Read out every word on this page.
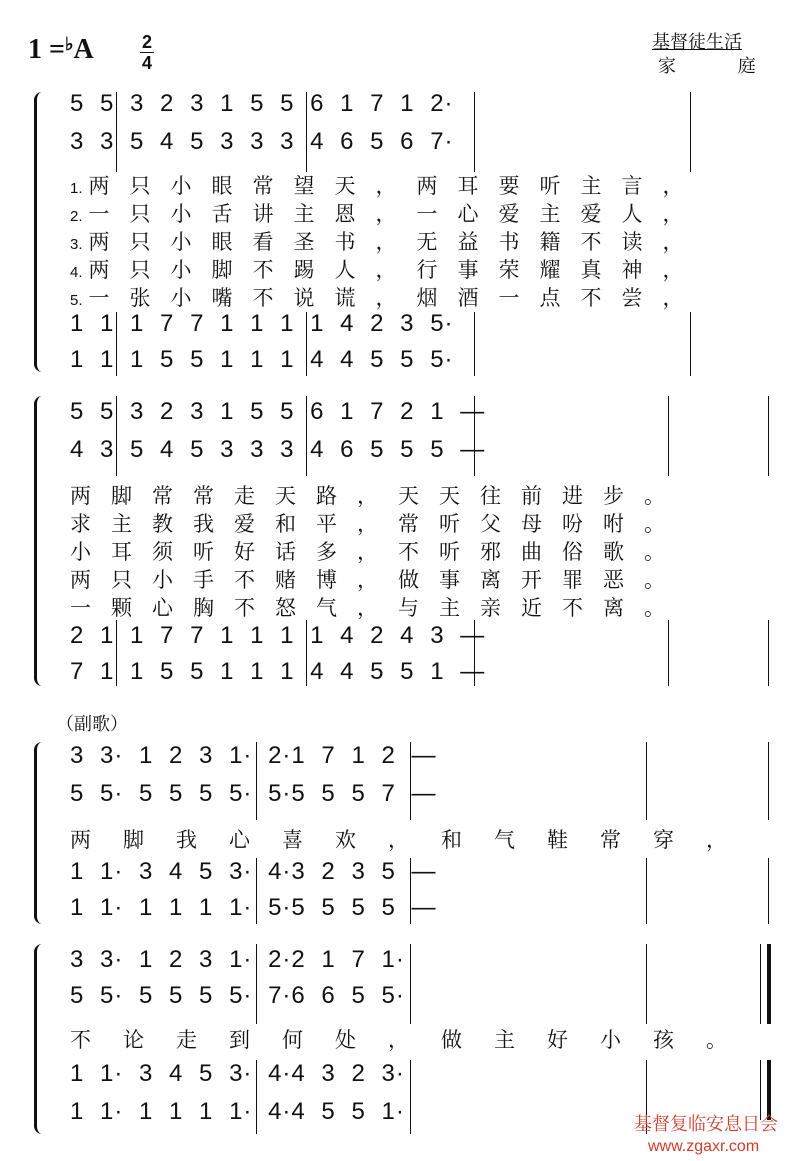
1 =♭A	2
4
基督徒生活
家 庭
5 5 3 2 3 1 5 5 6 1 7 1 2·
3 3 5 4 5 3 3 3 4 6 5 6 7·
1. 两只小眼常望天，两耳要听主言，
2. 一只小舌讲主恩，一心爱主爱人，
3. 两只小眼看圣书，无益书籍不读，
4. 两只小脚不踢人，行事荣耀真神，
5. 一张小嘴不说谎，烟酒一点不尝，
1 1 1 7 7 1 1 1 1 4 2 3 5·
1 1 1 5 5 1 1 1 4 4 5 5 5·
5 5 3 2 3 1 5 5 6 1 7 2 1 —
4 3 5 4 5 3 3 3 4 6 5 5 5 —
两脚常常走天路，天天往前进步。
求主教我爱和平，常听父母吩咐。
小耳须听好话多，不听邪曲俗歌。
两只小手不赌博，做事离开罪恶。
一颗心胸不怒气，与主亲近不离。
2 1 1 7 7 1 1 1 1 4 2 4 3 —
7 1 1 5 5 1 1 1 4 4 5 5 1 —
（副歌）
3 3· 1 2 3 1· 2·1 7 1 2 —
5 5· 5 5 5 5· 5·5 5 5 7 —
两脚我心喜欢，和气鞋常穿，
1 1· 3 4 5 3· 4·3 2 3 5 —
1 1· 1 1 1 1· 5·5 5 5 5 —
3 3· 1 2 3 1· 2·2 1 7 1·
5 5· 5 5 5 5· 7·6 6 5 5·
不论走到何处，做主好小孩。
1 1· 3 4 5 3· 4·4 3 2 3·
1 1· 1 1 1 1· 4·4 5 5 1·	基督复临安息日会
www.zgaxr.com
